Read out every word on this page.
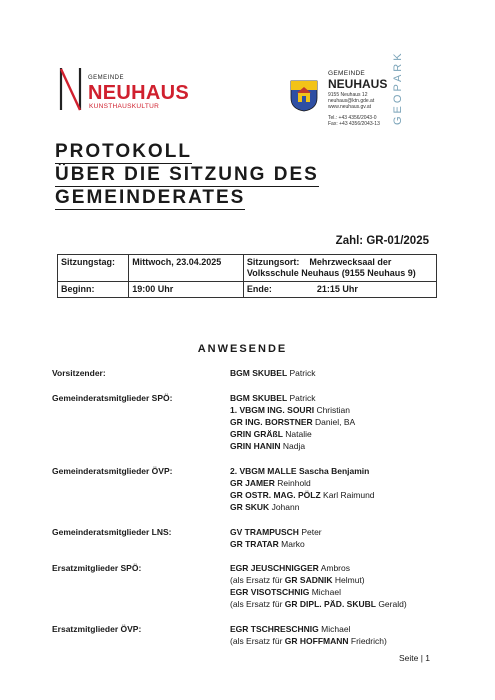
GEMEINDE
NEUHAUS
KUNSTHAUSKULTUR
GEMEINDE
NEUHAUS
9155 Neuhaus 12
neuhaus@ktn.gde.at
www.neuhaus.gv.at
Tel.: +43 4356/2043-0
Fax: +43 4356/2043-13 GEOPARK
PROTOKOLL
ÜBER DIE SITZUNG DES
GEMEINDERATES
Zahl: GR-01/2025
Sitzungstag:	Mittwoch, 23.04.2025	Sitzungsort: Mehrzwecksaal der
Volksschule Neuhaus (9155 Neuhaus 9)
Beginn:	19:00 Uhr	Ende: 21:15 Uhr
ANWESENDE
Vorsitzender:	BGM SKUBEL Patrick
Gemeinderatsmitglieder SPÖ:	BGM SKUBEL Patrick
1. VBGM ING. SOURI Christian
GR ING. BORSTNER Daniel, BA
GRIN GRÄßL Natalie
GRIN HANIN Nadja
Gemeinderatsmitglieder ÖVP:	2. VBGM MALLE Sascha Benjamin
GR JAMER Reinhold
GR OSTR. MAG. PÖLZ Karl Raimund
GR SKUK Johann
Gemeinderatsmitglieder LNS:	GV TRAMPUSCH Peter
GR TRATAR Marko
Ersatzmitglieder SPÖ:	EGR JEUSCHNIGGER Ambros
(als Ersatz für GR SADNIK Helmut)
EGR VISOTSCHNIG Michael
(als Ersatz für GR DIPL. PÄD. SKUBL Gerald)
Ersatzmitglieder ÖVP:	EGR TSCHRESCHNIG Michael
(als Ersatz für GR HOFFMANN Friedrich)
Seite | 1
